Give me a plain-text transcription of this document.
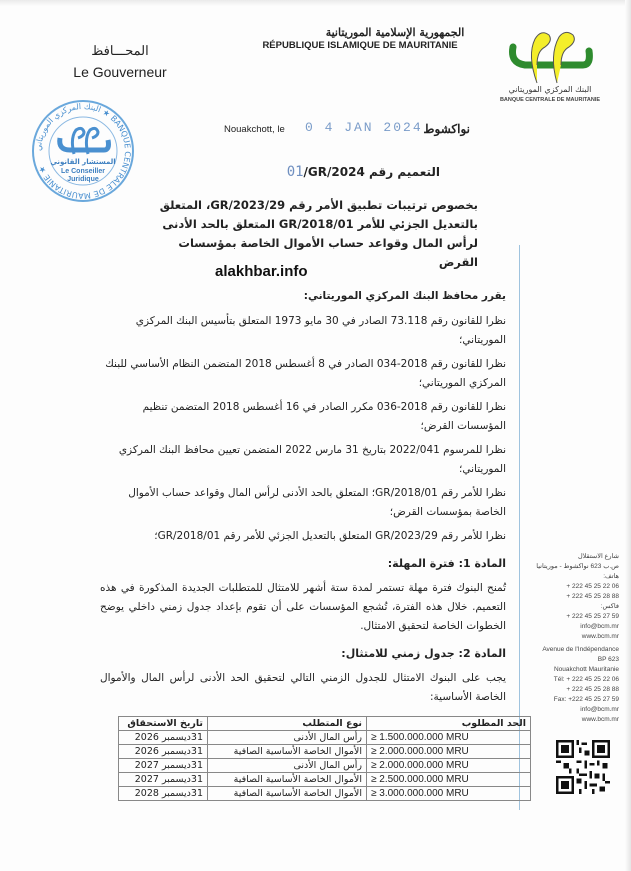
الجمهورية الإسلامية الموريتانية
RÉPUBLIQUE ISLAMIQUE DE MAURITANIE
المحـــافظ
Le Gouverneur
البنك المركزي الموريتاني
BANQUE CENTRALE DE MAURITANIE
البنك المركزي الموريتاني ★ BANQUE CENTRALE DE MAURITANIE ★
المستشار القانوني
Le Conseiller
Juridique
Nouakchott, le 0 4 JAN 2024 نواكشوط
التعميم رقم 01/GR/2024
بخصوص ترتيبات تطبيق الأمر رقم 29/GR/2023، المتعلق بالتعديل الجزئي للأمر 01/GR/2018 المتعلق بالحد الأدنى لرأس المال وقواعد حساب الأموال الخاصة بمؤسسات القرض
alakhbar.info

يقرر محافظ البنك المركزي الموريتاني:

نظرا للقانون رقم 73.118 الصادر في 30 مايو 1973 المتعلق بتأسيس البنك المركزي الموريتاني؛

نظرا للقانون رقم 2018-034 الصادر في 8 أغسطس 2018 المتضمن النظام الأساسي للبنك المركزي الموريتاني؛

نظرا للقانون رقم 2018-036 مكرر الصادر في 16 أغسطس 2018 المتضمن تنظيم المؤسسات القرض؛

نظرا للمرسوم 2022/041 بتاريخ 31 مارس 2022 المتضمن تعيين محافظ البنك المركزي الموريتاني؛

نظرا للأمر رقم 01/GR/2018؛ المتعلق بالحد الأدنى لرأس المال وقواعد حساب الأموال الخاصة بمؤسسات القرض؛

نظرا للأمر رقم 29/GR/2023 المتعلق بالتعديل الجزئي للأمر رقم 01/GR/2018؛

المادة 1: فترة المهلة:

تُمنح البنوك فترة مهلة تستمر لمدة ستة أشهر للامتثال للمتطلبات الجديدة المذكورة في هذه التعميم. خلال هذه الفترة، تُشجع المؤسسات على أن تقوم بإعداد جدول زمني داخلي يوضح الخطوات الخاصة لتحقيق الامتثال.

المادة 2: جدول زمني للامتثال:

يجب على البنوك الامتثال للجدول الزمني التالي لتحقيق الحد الأدنى لرأس المال والأموال الخاصة الأساسية:

الحد المطلوب	نوع المتطلب	تاريخ الاستحقاق
≥ 1.500.000.000 MRU	رأس المال الأدنى	31ديسمبر 2026
≥ 2.000.000.000 MRU	الأموال الخاصة الأساسية الصافية	31ديسمبر 2026
≥ 2.000.000.000 MRU	رأس المال الأدنى	31ديسمبر 2027
≥ 2.500.000.000 MRU	الأموال الخاصة الأساسية الصافية	31ديسمبر 2027
≥ 3.000.000.000 MRU	الأموال الخاصة الأساسية الصافية	31ديسمبر 2028
شارع الاستقلال
ص.ب 623 نواكشوط - موريتانيا
هاتف:
+ 222 45 25 22 06
+ 222 45 25 28 88
فاكس:
+ 222 45 25 27 59
info@bcm.mr
www.bcm.mr
Avenue de l'Indépendance
BP 623
Nouakchott Mauritanie
Tél: + 222 45 25 22 06
+ 222 45 25 28 88
Fax: +222 45 25 27 59
info@bcm.mr
www.bcm.mr
